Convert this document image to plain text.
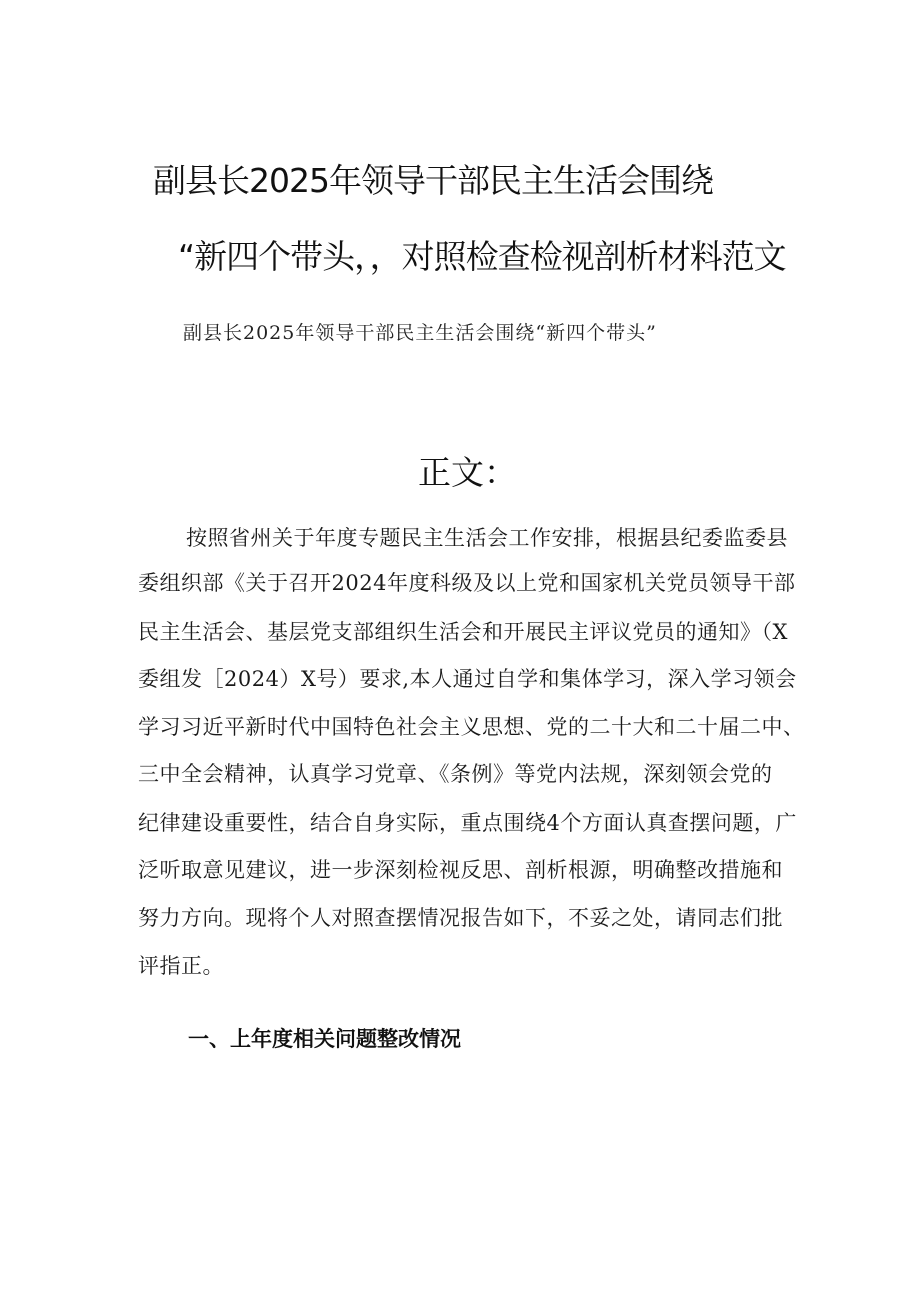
副县长2025年领导干部民主生活会围绕
“新四个带头，，对照检查检视剖析材料范文
副县长2025年领导干部民主生活会围绕“新四个带头”
正文：
按照省州关于年度专题民主生活会工作安排，根据县纪委监委县
委组织部《关于召开2024年度科级及以上党和国家机关党员领导干部
民主生活会、基层党支部组织生活会和开展民主评议党员的通知》（X
委组发［2024）X号）要求,本人通过自学和集体学习，深入学习领会
学习习近平新时代中国特色社会主义思想、党的二十大和二十届二中、
三中全会精神，认真学习党章、《条例》等党内法规，深刻领会党的
纪律建设重要性，结合自身实际，重点围绕4个方面认真查摆问题，广
泛听取意见建议，进一步深刻检视反思、剖析根源，明确整改措施和
努力方向。现将个人对照查摆情况报告如下，不妥之处，请同志们批
评指正。
一、上年度相关问题整改情况
